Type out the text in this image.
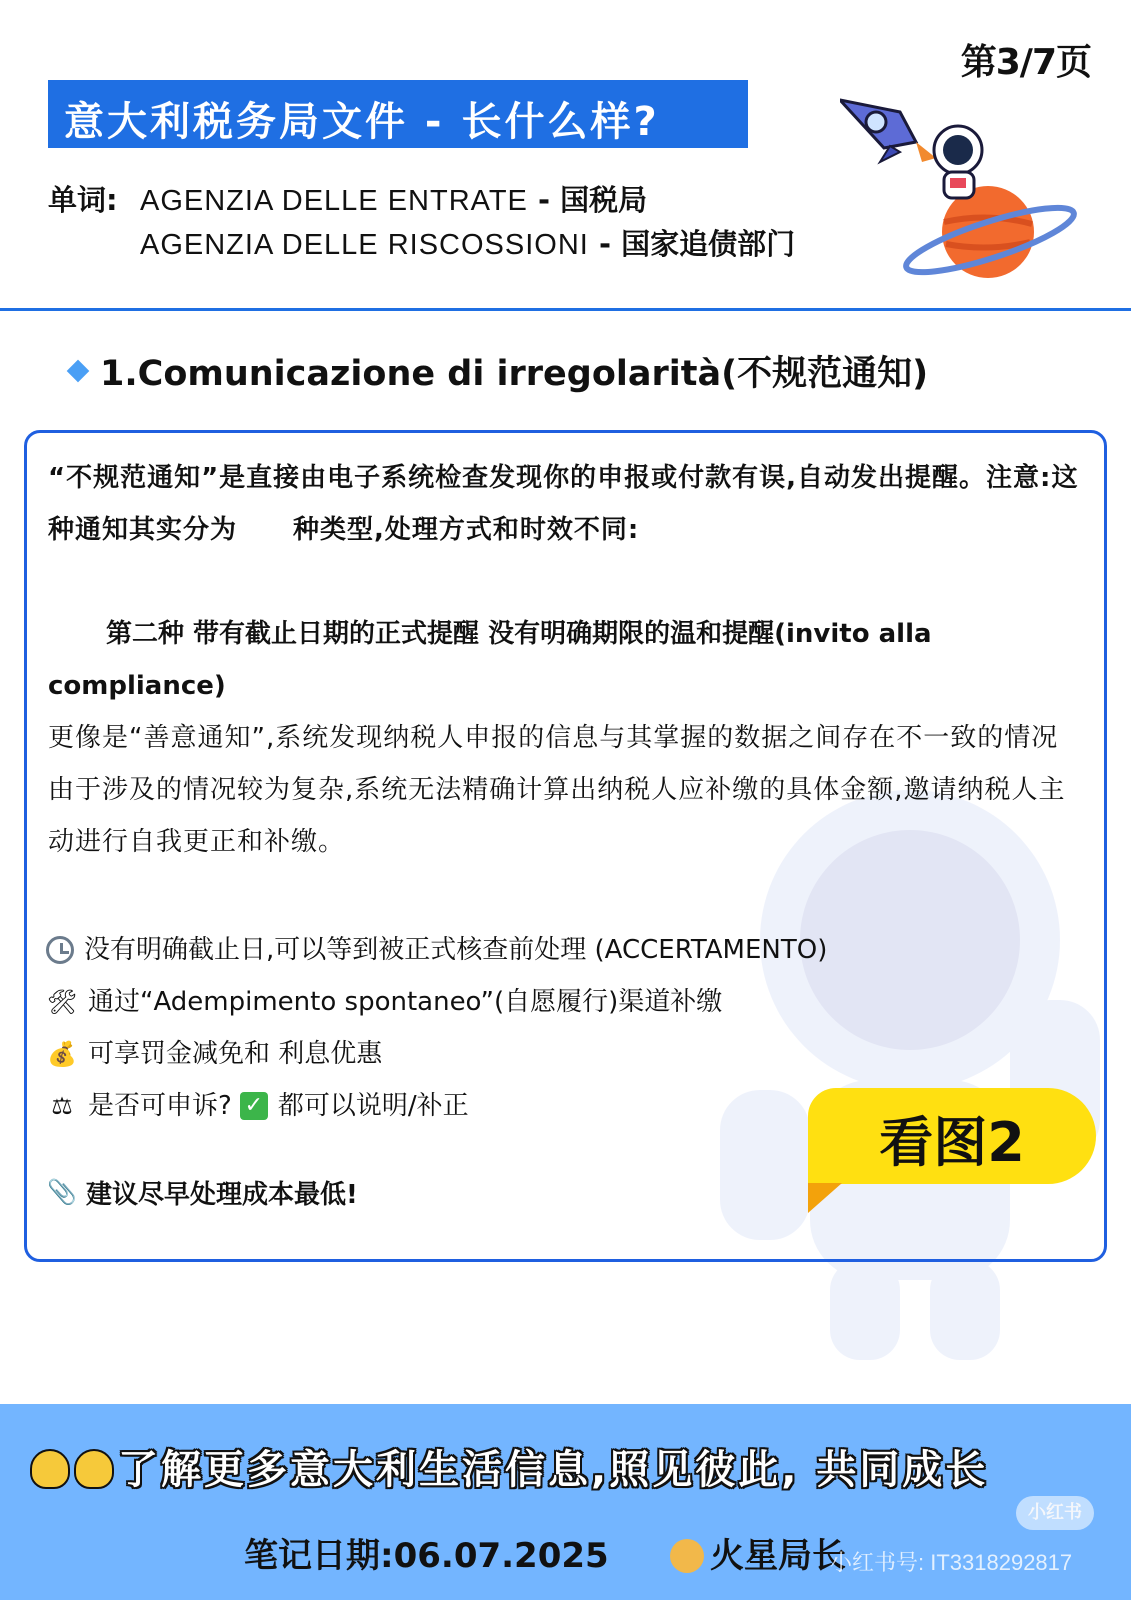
第3/7页
意大利税务局文件 - 长什么样?
单词: AGENZIA DELLE ENTRATE - 国税局
AGENZIA DELLE RISCOSSIONI - 国家追债部门
1.Comunicazione di irregolarità(不规范通知)
“不规范通知”是直接由电子系统检查发现你的申报或付款有误,自动发出提醒。注意:这种通知其实分为 种类型,处理方式和时效不同:
第二种 带有截止日期的正式提醒 没有明确期限的温和提醒(invito alla compliance)
更像是“善意通知”,系统发现纳税人申报的信息与其掌握的数据之间存在不一致的情况由于涉及的情况较为复杂,系统无法精确计算出纳税人应补缴的具体金额,邀请纳税人主动进行自我更正和补缴。
没有明确截止日,可以等到被正式核查前处理 (ACCERTAMENTO)
🛠 通过“Adempimento spontaneo”(自愿履行)渠道补缴
💰 可享罚金减免和 利息优惠
⚖ 是否可申诉? ✓ 都可以说明/补正
📎 建议尽早处理成本最低!
看图2
了解更多意大利生活信息,照见彼此, 共同成长
笔记日期:06.07.2025	火星局长
小红书
小红书号: IT3318292817
